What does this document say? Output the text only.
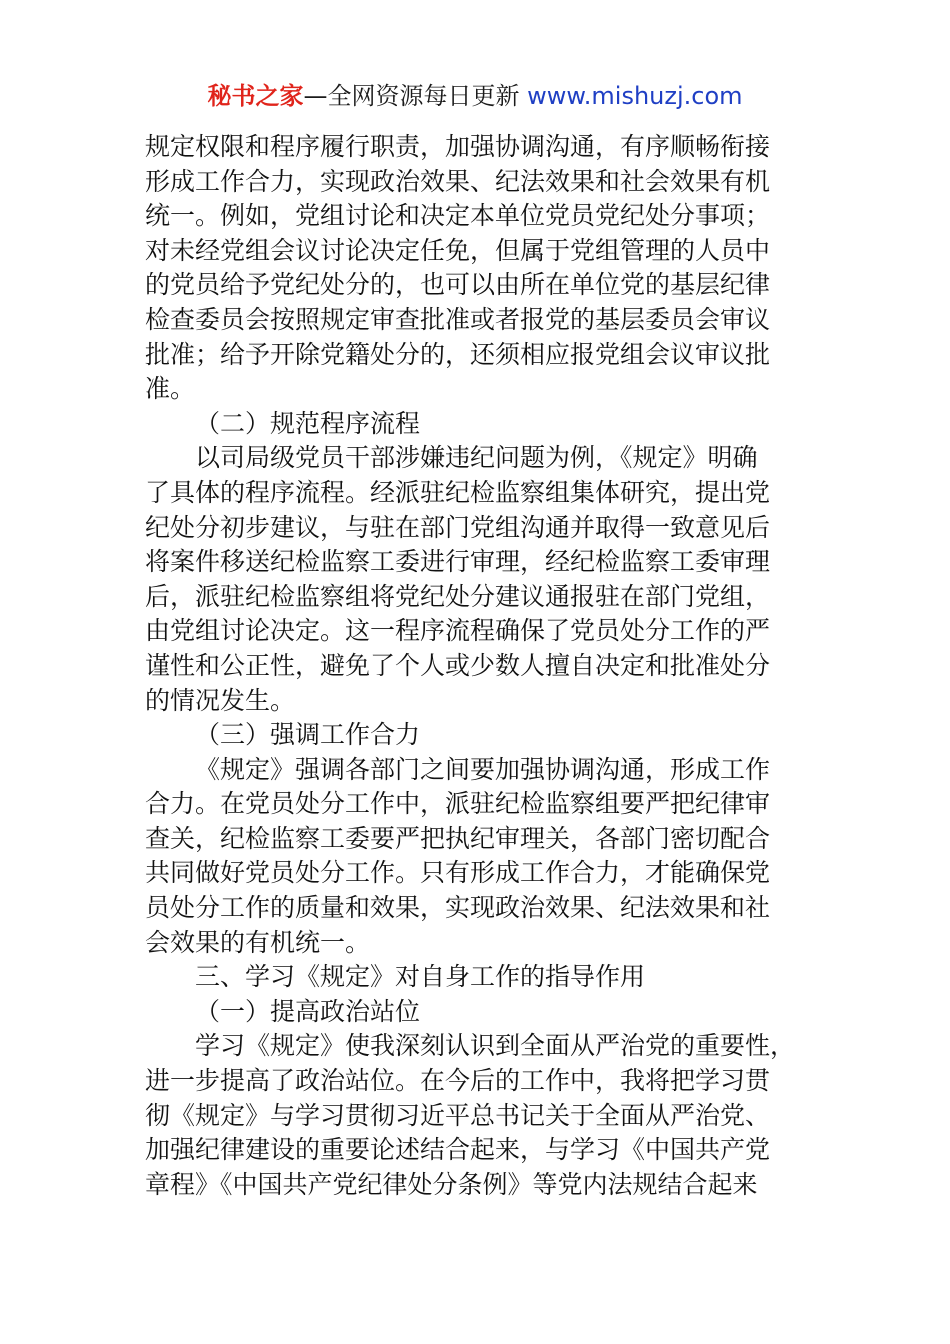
秘书之家—全网资源每日更新 www.mishuzj.com
规定权限和程序履行职责，加强协调沟通，有序顺畅衔接
形成工作合力，实现政治效果、纪法效果和社会效果有机
统一。例如，党组讨论和决定本单位党员党纪处分事项；
对未经党组会议讨论决定任免，但属于党组管理的人员中
的党员给予党纪处分的，也可以由所在单位党的基层纪律
检查委员会按照规定审查批准或者报党的基层委员会审议
批准；给予开除党籍处分的，还须相应报党组会议审议批
准。
（二）规范程序流程
以司局级党员干部涉嫌违纪问题为例，《规定》明确
了具体的程序流程。经派驻纪检监察组集体研究，提出党
纪处分初步建议，与驻在部门党组沟通并取得一致意见后
将案件移送纪检监察工委进行审理，经纪检监察工委审理
后，派驻纪检监察组将党纪处分建议通报驻在部门党组，
由党组讨论决定。这一程序流程确保了党员处分工作的严
谨性和公正性，避免了个人或少数人擅自决定和批准处分
的情况发生。
（三）强调工作合力
《规定》强调各部门之间要加强协调沟通，形成工作
合力。在党员处分工作中，派驻纪检监察组要严把纪律审
查关，纪检监察工委要严把执纪审理关，各部门密切配合
共同做好党员处分工作。只有形成工作合力，才能确保党
员处分工作的质量和效果，实现政治效果、纪法效果和社
会效果的有机统一。
三、学习《规定》对自身工作的指导作用
（一）提高政治站位
学习《规定》使我深刻认识到全面从严治党的重要性，
进一步提高了政治站位。在今后的工作中，我将把学习贯
彻《规定》与学习贯彻习近平总书记关于全面从严治党、
加强纪律建设的重要论述结合起来，与学习《中国共产党
章程》《中国共产党纪律处分条例》等党内法规结合起来
